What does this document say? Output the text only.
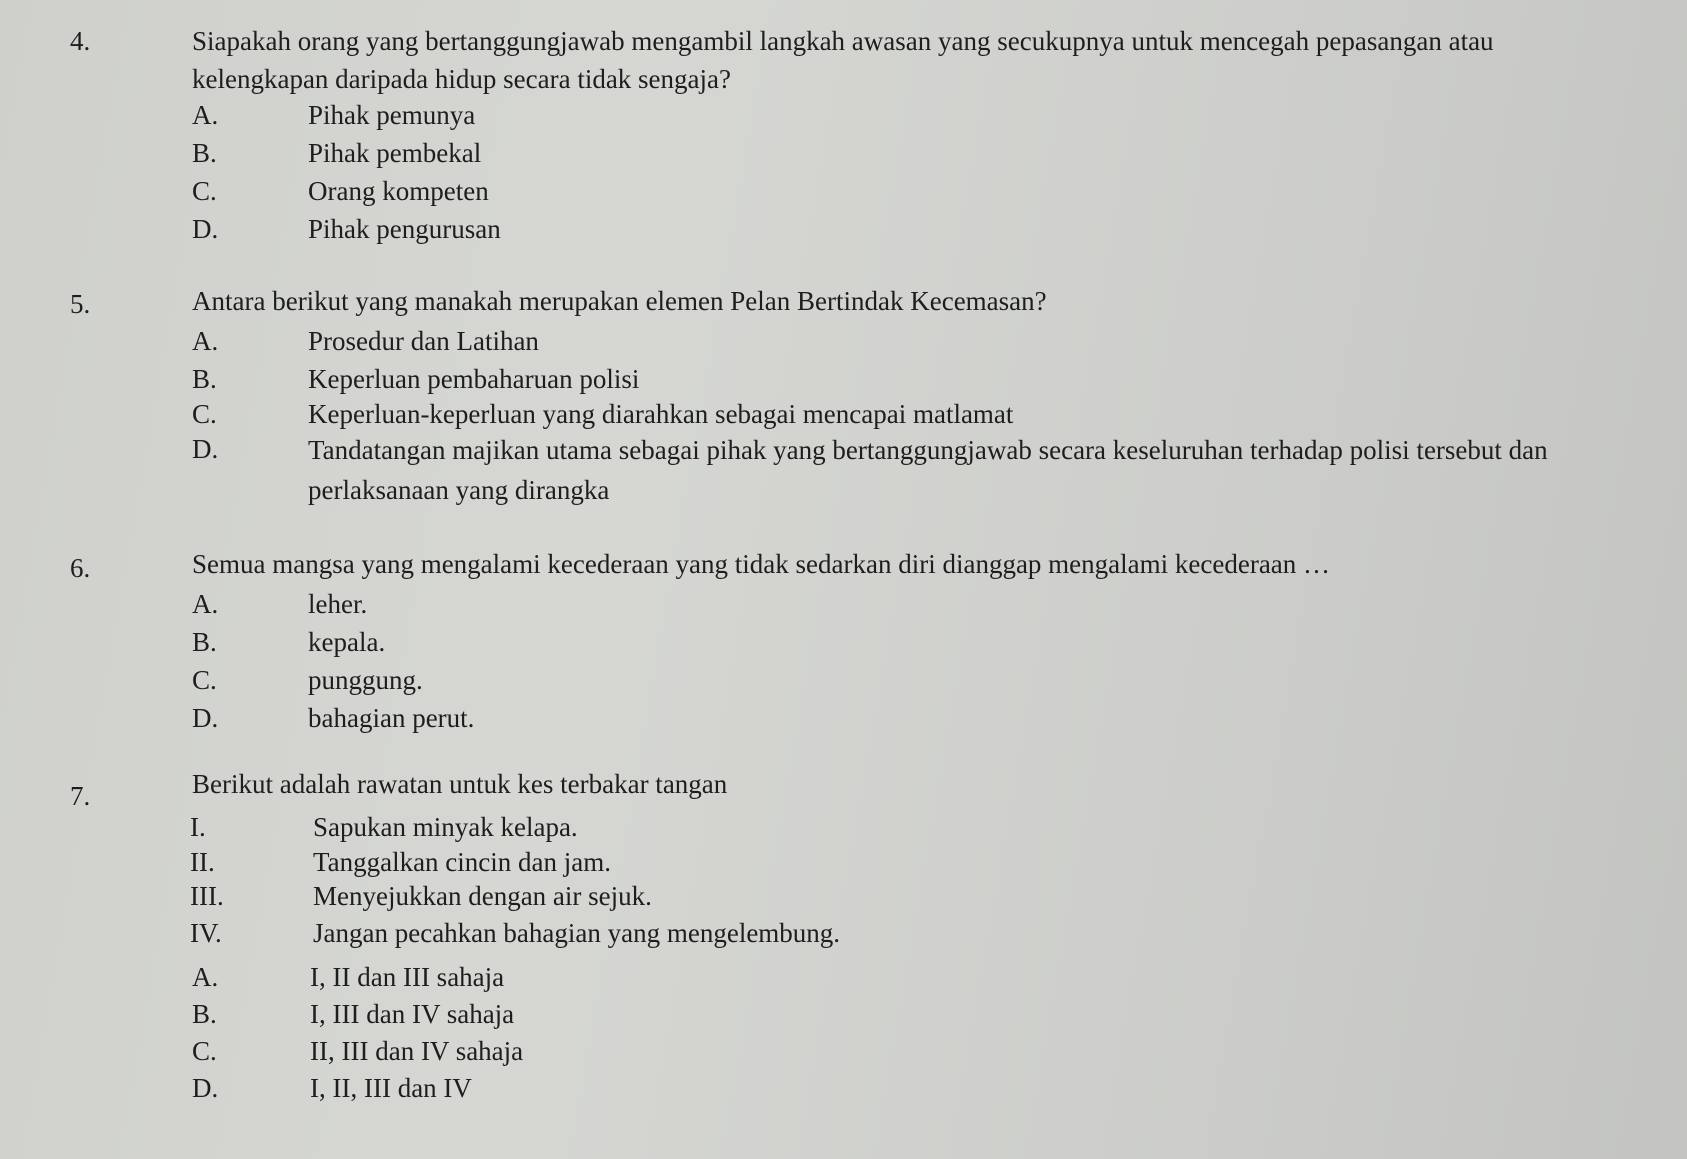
4.	Siapakah orang yang bertanggungjawab mengambil langkah awasan yang secukupnya untuk mencegah pepasangan atau kelengkapan daripada hidup secara tidak sengaja?
A.	Pihak pemunya
B.	Pihak pembekal
C.	Orang kompeten
D.	Pihak pengurusan
5.	Antara berikut yang manakah merupakan elemen Pelan Bertindak Kecemasan?
A.	Prosedur dan Latihan
B.	Keperluan pembaharuan polisi
C.	Keperluan-keperluan yang diarahkan sebagai mencapai matlamat
D.	Tandatangan majikan utama sebagai pihak yang bertanggungjawab secara keseluruhan terhadap polisi tersebut dan perlaksanaan yang dirangka
6.	Semua mangsa yang mengalami kecederaan yang tidak sedarkan diri dianggap mengalami kecederaan …
A.	leher.
B.	kepala.
C.	punggung.
D.	bahagian perut.
7.	Berikut adalah rawatan untuk kes terbakar tangan
I.	Sapukan minyak kelapa.
II.	Tanggalkan cincin dan jam.
III.	Menyejukkan dengan air sejuk.
IV.	Jangan pecahkan bahagian yang mengelembung.
A.	I, II dan III sahaja
B.	I, III dan IV sahaja
C.	II, III dan IV sahaja
D.	I, II, III dan IV
